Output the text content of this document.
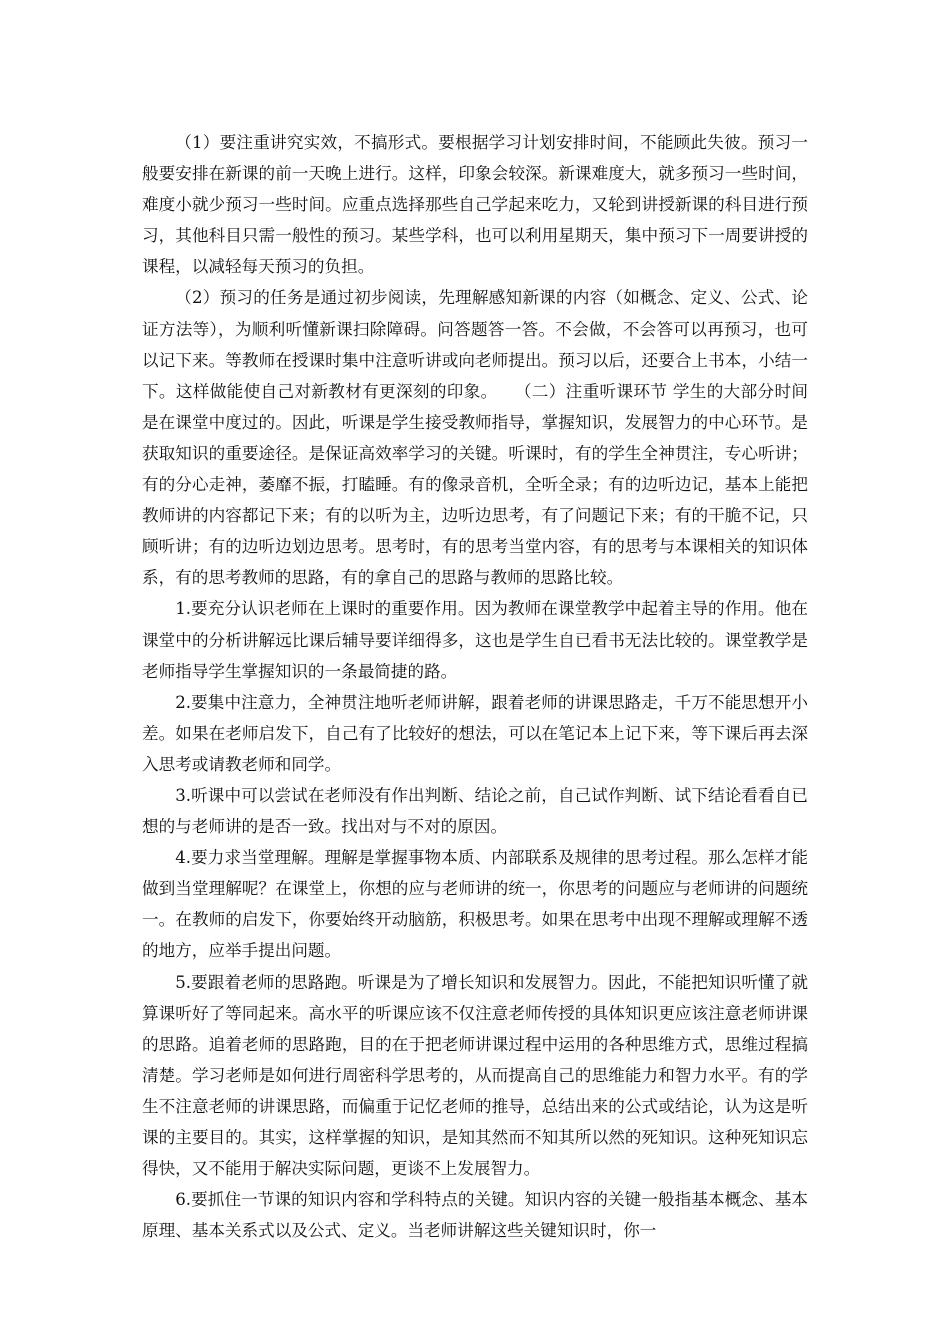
（1）要注重讲究实效，不搞形式。要根据学习计划安排时间，不能顾此失彼。预习一般要安排在新课的前一天晚上进行。这样，印象会较深。新课难度大，就多预习一些时间，难度小就少预习一些时间。应重点选择那些自己学起来吃力，又轮到讲授新课的科目进行预习，其他科目只需一般性的预习。某些学科，也可以利用星期天，集中预习下一周要讲授的课程，以减轻每天预习的负担。

（2）预习的任务是通过初步阅读，先理解感知新课的内容（如概念、定义、公式、论证方法等），为顺利听懂新课扫除障碍。问答题答一答。不会做，不会答可以再预习，也可以记下来。等教师在授课时集中注意听讲或向老师提出。预习以后，还要合上书本，小结一下。这样做能使自己对新教材有更深刻的印象。　　（二）注重听课环节 学生的大部分时间是在课堂中度过的。因此，听课是学生接受教师指导，掌握知识，发展智力的中心环节。是获取知识的重要途径。是保证高效率学习的关键。听课时，有的学生全神贯注，专心听讲；有的分心走神，萎靡不振，打瞌睡。有的像录音机，全听全录；有的边听边记，基本上能把教师讲的内容都记下来；有的以听为主，边听边思考，有了问题记下来；有的干脆不记，只顾听讲；有的边听边划边思考。思考时，有的思考当堂内容，有的思考与本课相关的知识体系，有的思考教师的思路，有的拿自己的思路与教师的思路比较。

1.要充分认识老师在上课时的重要作用。因为教师在课堂教学中起着主导的作用。他在课堂中的分析讲解远比课后辅导要详细得多，这也是学生自已看书无法比较的。课堂教学是老师指导学生掌握知识的一条最简捷的路。

2.要集中注意力，全神贯注地听老师讲解，跟着老师的讲课思路走，千万不能思想开小差。如果在老师启发下，自己有了比较好的想法，可以在笔记本上记下来，等下课后再去深入思考或请教老师和同学。

3.听课中可以尝试在老师没有作出判断、结论之前，自己试作判断、试下结论看看自已想的与老师讲的是否一致。找出对与不对的原因。

4.要力求当堂理解。理解是掌握事物本质、内部联系及规律的思考过程。那么怎样才能做到当堂理解呢？在课堂上，你想的应与老师讲的统一，你思考的问题应与老师讲的问题统一。在教师的启发下，你要始终开动脑筋，积极思考。如果在思考中出现不理解或理解不透的地方，应举手提出问题。

5.要跟着老师的思路跑。听课是为了增长知识和发展智力。因此，不能把知识听懂了就算课听好了等同起来。高水平的听课应该不仅注意老师传授的具体知识更应该注意老师讲课的思路。追着老师的思路跑，目的在于把老师讲课过程中运用的各种思维方式，思维过程搞清楚。学习老师是如何进行周密科学思考的，从而提高自己的思维能力和智力水平。有的学生不注意老师的讲课思路，而偏重于记忆老师的推导，总结出来的公式或结论，认为这是听课的主要目的。其实，这样掌握的知识，是知其然而不知其所以然的死知识。这种死知识忘得快，又不能用于解决实际问题，更谈不上发展智力。

6.要抓住一节课的知识内容和学科特点的关键。知识内容的关键一般指基本概念、基本原理、基本关系式以及公式、定义。当老师讲解这些关键知识时，你一
